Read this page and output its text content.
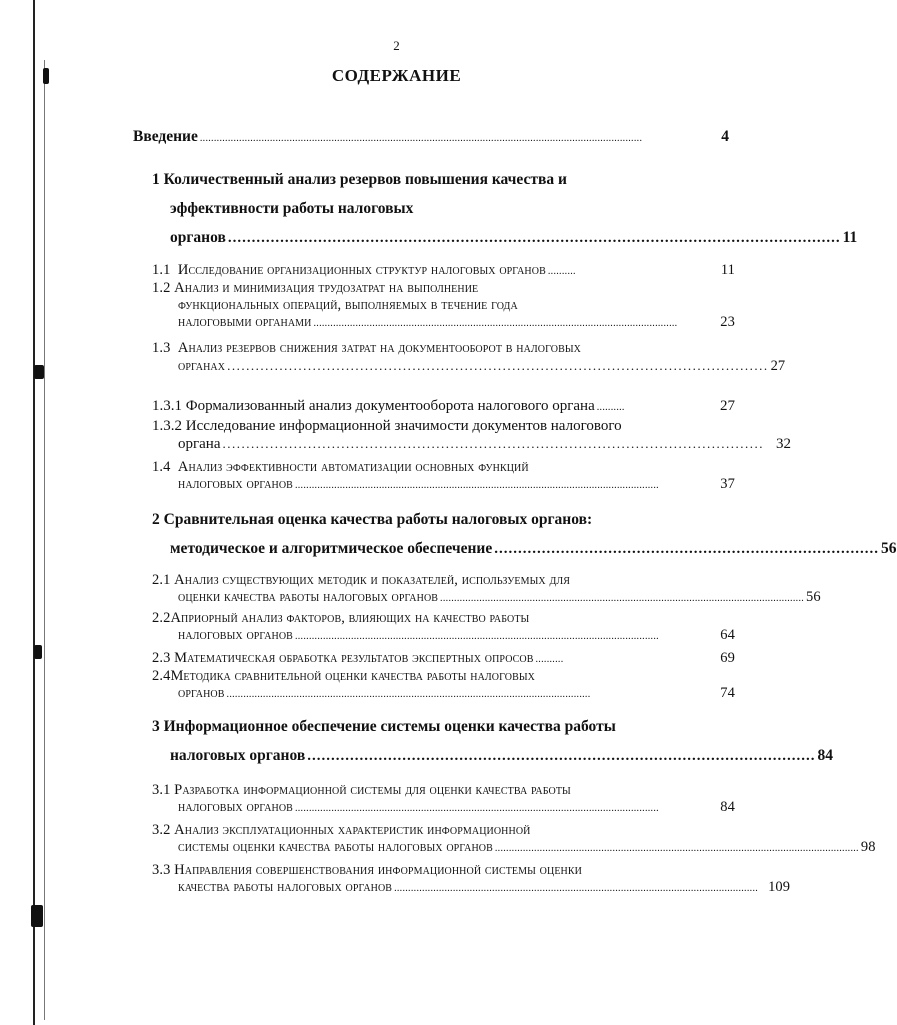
2
СОДЕРЖАНИЕ
Введение ..............................................................................................................................................................	4
1 Количественный анализ резервов повышения качества и
эффективности работы налоговых
органов ................................................................................................................................. 11
1.1 Исследование организационных структур налоговых органов ..........	11
1.2 Анализ и минимизация трудозатрат на выполнение
функциональных операций, выполняемых в течение года
налоговыми органами ..................................................................................................................................	23
1.3 Анализ резервов снижения затрат на документооборот в налоговых
органах .................................................................................................................. 27
1.3.1 Формализованный анализ документооборота налогового органа ..........	27
1.3.2 Исследование информационной значимости документов налогового
органа .................................................................................................................. 32
1.4 Анализ эффективности автоматизации основных функций
налоговых органов ..................................................................................................................................	37
2 Сравнительная оценка качества работы налоговых органов:
методическое и алгоритмическое обеспечение ................................................................................. 56
2.1 Анализ существующих методик и показателей, используемых для
оценки качества работы налоговых органов .................................................................................................................................. 56
2.2Априорный анализ факторов, влияющих на качество работы
налоговых органов ..................................................................................................................................	64
2.3 Математическая обработка результатов экспертных опросов ..........	69
2.4Методика сравнительной оценки качества работы налоговых
органов ..................................................................................................................................	74
3 Информационное обеспечение системы оценки качества работы
налоговых органов ........................................................................................................... 84
3.1 Разработка информационной системы для оценки качества работы
налоговых органов ..................................................................................................................................	84
3.2 Анализ эксплуатационных характеристик информационной
системы оценки качества работы налоговых органов .................................................................................................................................. 98
3.3 Направления совершенствования информационной системы оценки
качества работы налоговых органов .................................................................................................................................. 109
